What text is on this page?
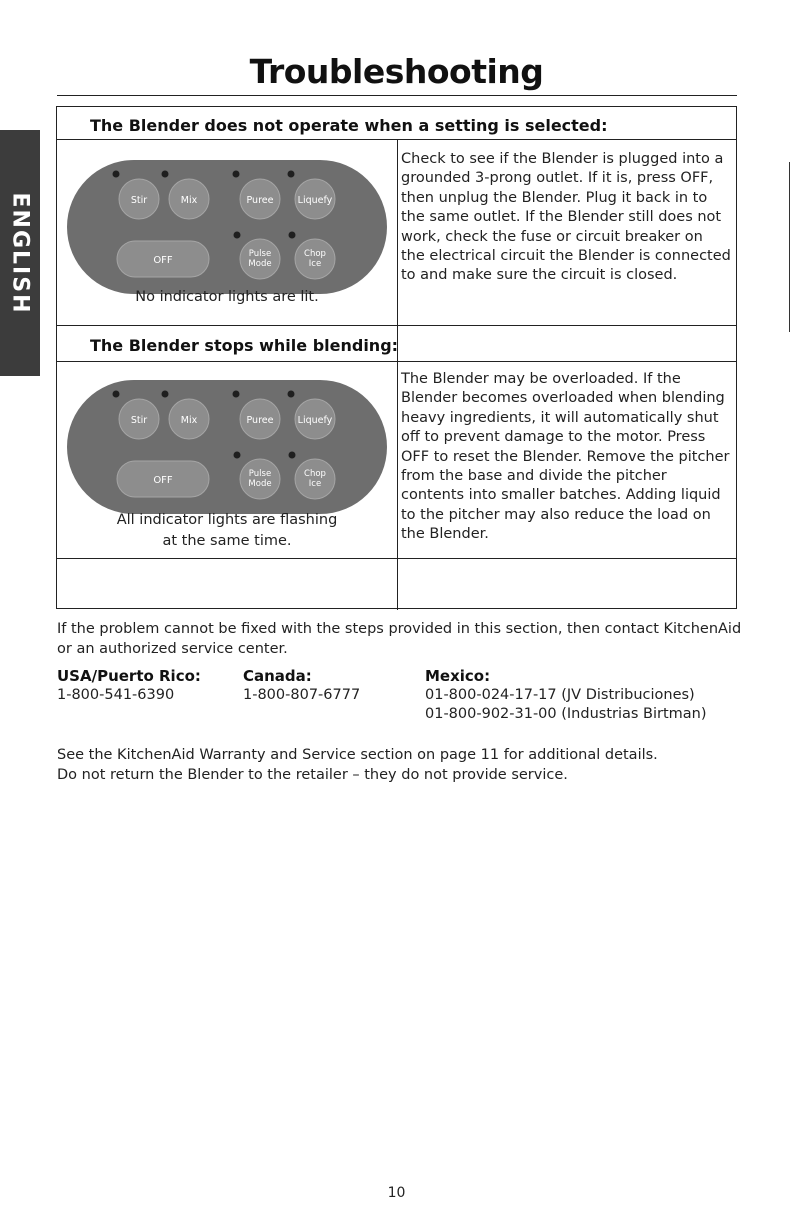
Troubleshooting
ENGLISH
The Blender does not operate when a setting is selected:
Stir	Mix	Puree	Liquefy
OFF
Pulse
Mode
Chop
Ice
No indicator lights are lit.
Check to see if the Blender is plugged into a grounded 3-prong outlet. If it is, press OFF, then unplug the Blender. Plug it back in to the same outlet. If the Blender still does not work, check the fuse or circuit breaker on the electrical circuit the Blender is connected to and make sure the circuit is closed.
The Blender stops while blending:
Stir	Mix	Puree	Liquefy
OFF
Pulse
Mode
Chop
Ice
All indicator lights are flashing
at the same time.
The Blender may be overloaded. If the Blender becomes overloaded when blending heavy ingredients, it will automatically shut off to prevent damage to the motor. Press OFF to reset the Blender. Remove the pitcher from the base and divide the pitcher contents into smaller batches. Adding liquid to the pitcher may also reduce the load on the Blender.
If the problem cannot be fixed with the steps provided in this section, then contact KitchenAid or an authorized service center.
USA/Puerto Rico:
1-800-541-6390
Canada:
1-800-807-6777
Mexico:
01-800-024-17-17 (JV Distribuciones)
01-800-902-31-00 (Industrias Birtman)
See the KitchenAid Warranty and Service section on page 11 for additional details.
Do not return the Blender to the retailer – they do not provide service.
10
